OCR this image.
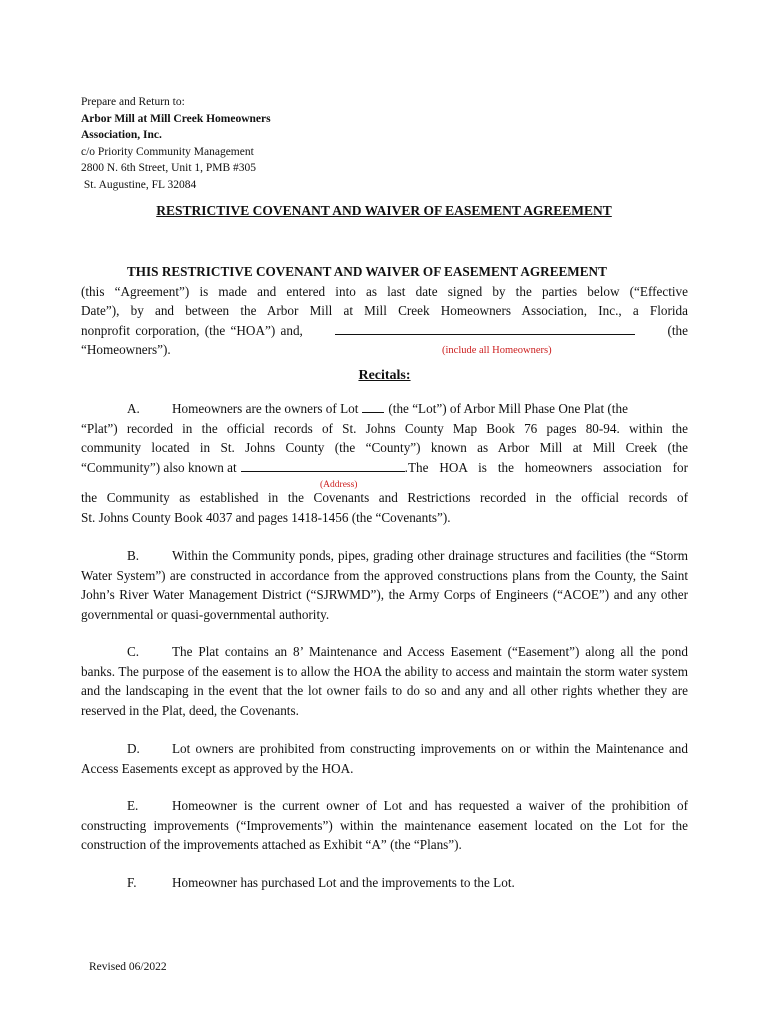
Prepare and Return to:
Arbor Mill at Mill Creek Homeowners
Association, Inc.
c/o Priority Community Management
2800 N. 6th Street, Unit 1, PMB #305
St. Augustine, FL 32084
RESTRICTIVE COVENANT AND WAIVER OF EASEMENT AGREEMENT
THIS RESTRICTIVE COVENANT AND WAIVER OF EASEMENT AGREEMENT
(this “Agreement”) is made and entered into as last date signed by the parties below (“Effective
Date”), by and between the Arbor Mill at Mill Creek Homeowners Association, Inc., a Florida
nonprofit corporation, (the “HOA”) and,	(the
“Homeowners”).	(include all Homeowners)
Recitals:
A.	Homeowners are the owners of Lot (the “Lot”) of Arbor Mill Phase One Plat (the
“Plat”) recorded in the official records of St. Johns County Map Book 76 pages 80-94. within the
community located in St. Johns County (the “County”) known as Arbor Mill at Mill Creek (the
“Community”) also known at	.The HOA is the homeowners association for
(Address)
the Community as established in the Covenants and Restrictions recorded in the official records of
St. Johns County Book 4037 and pages 1418-1456 (the “Covenants”).
B. Within the Community ponds, pipes, grading other drainage structures and facilities (the “Storm Water System”) are constructed in accordance from the approved constructions plans from the County, the Saint John’s River Water Management District (“SJRWMD”), the Army Corps of Engineers (“ACOE”) and any other governmental or quasi-governmental authority.
C. The Plat contains an 8’ Maintenance and Access Easement (“Easement”) along all the pond banks. The purpose of the easement is to allow the HOA the ability to access and maintain the storm water system and the landscaping in the event that the lot owner fails to do so and any and all other rights whether they are reserved in the Plat, deed, the Covenants.
D. Lot owners are prohibited from constructing improvements on or within the Maintenance and Access Easements except as approved by the HOA.
E.	Homeowner is the current owner of Lot and has requested a waiver of the prohibition of constructing improvements (“Improvements”) within the maintenance easement located on the Lot for the construction of the improvements attached as Exhibit “A” (the “Plans”).
F.	Homeowner has purchased Lot and the improvements to the Lot.
Revised 06/2022
